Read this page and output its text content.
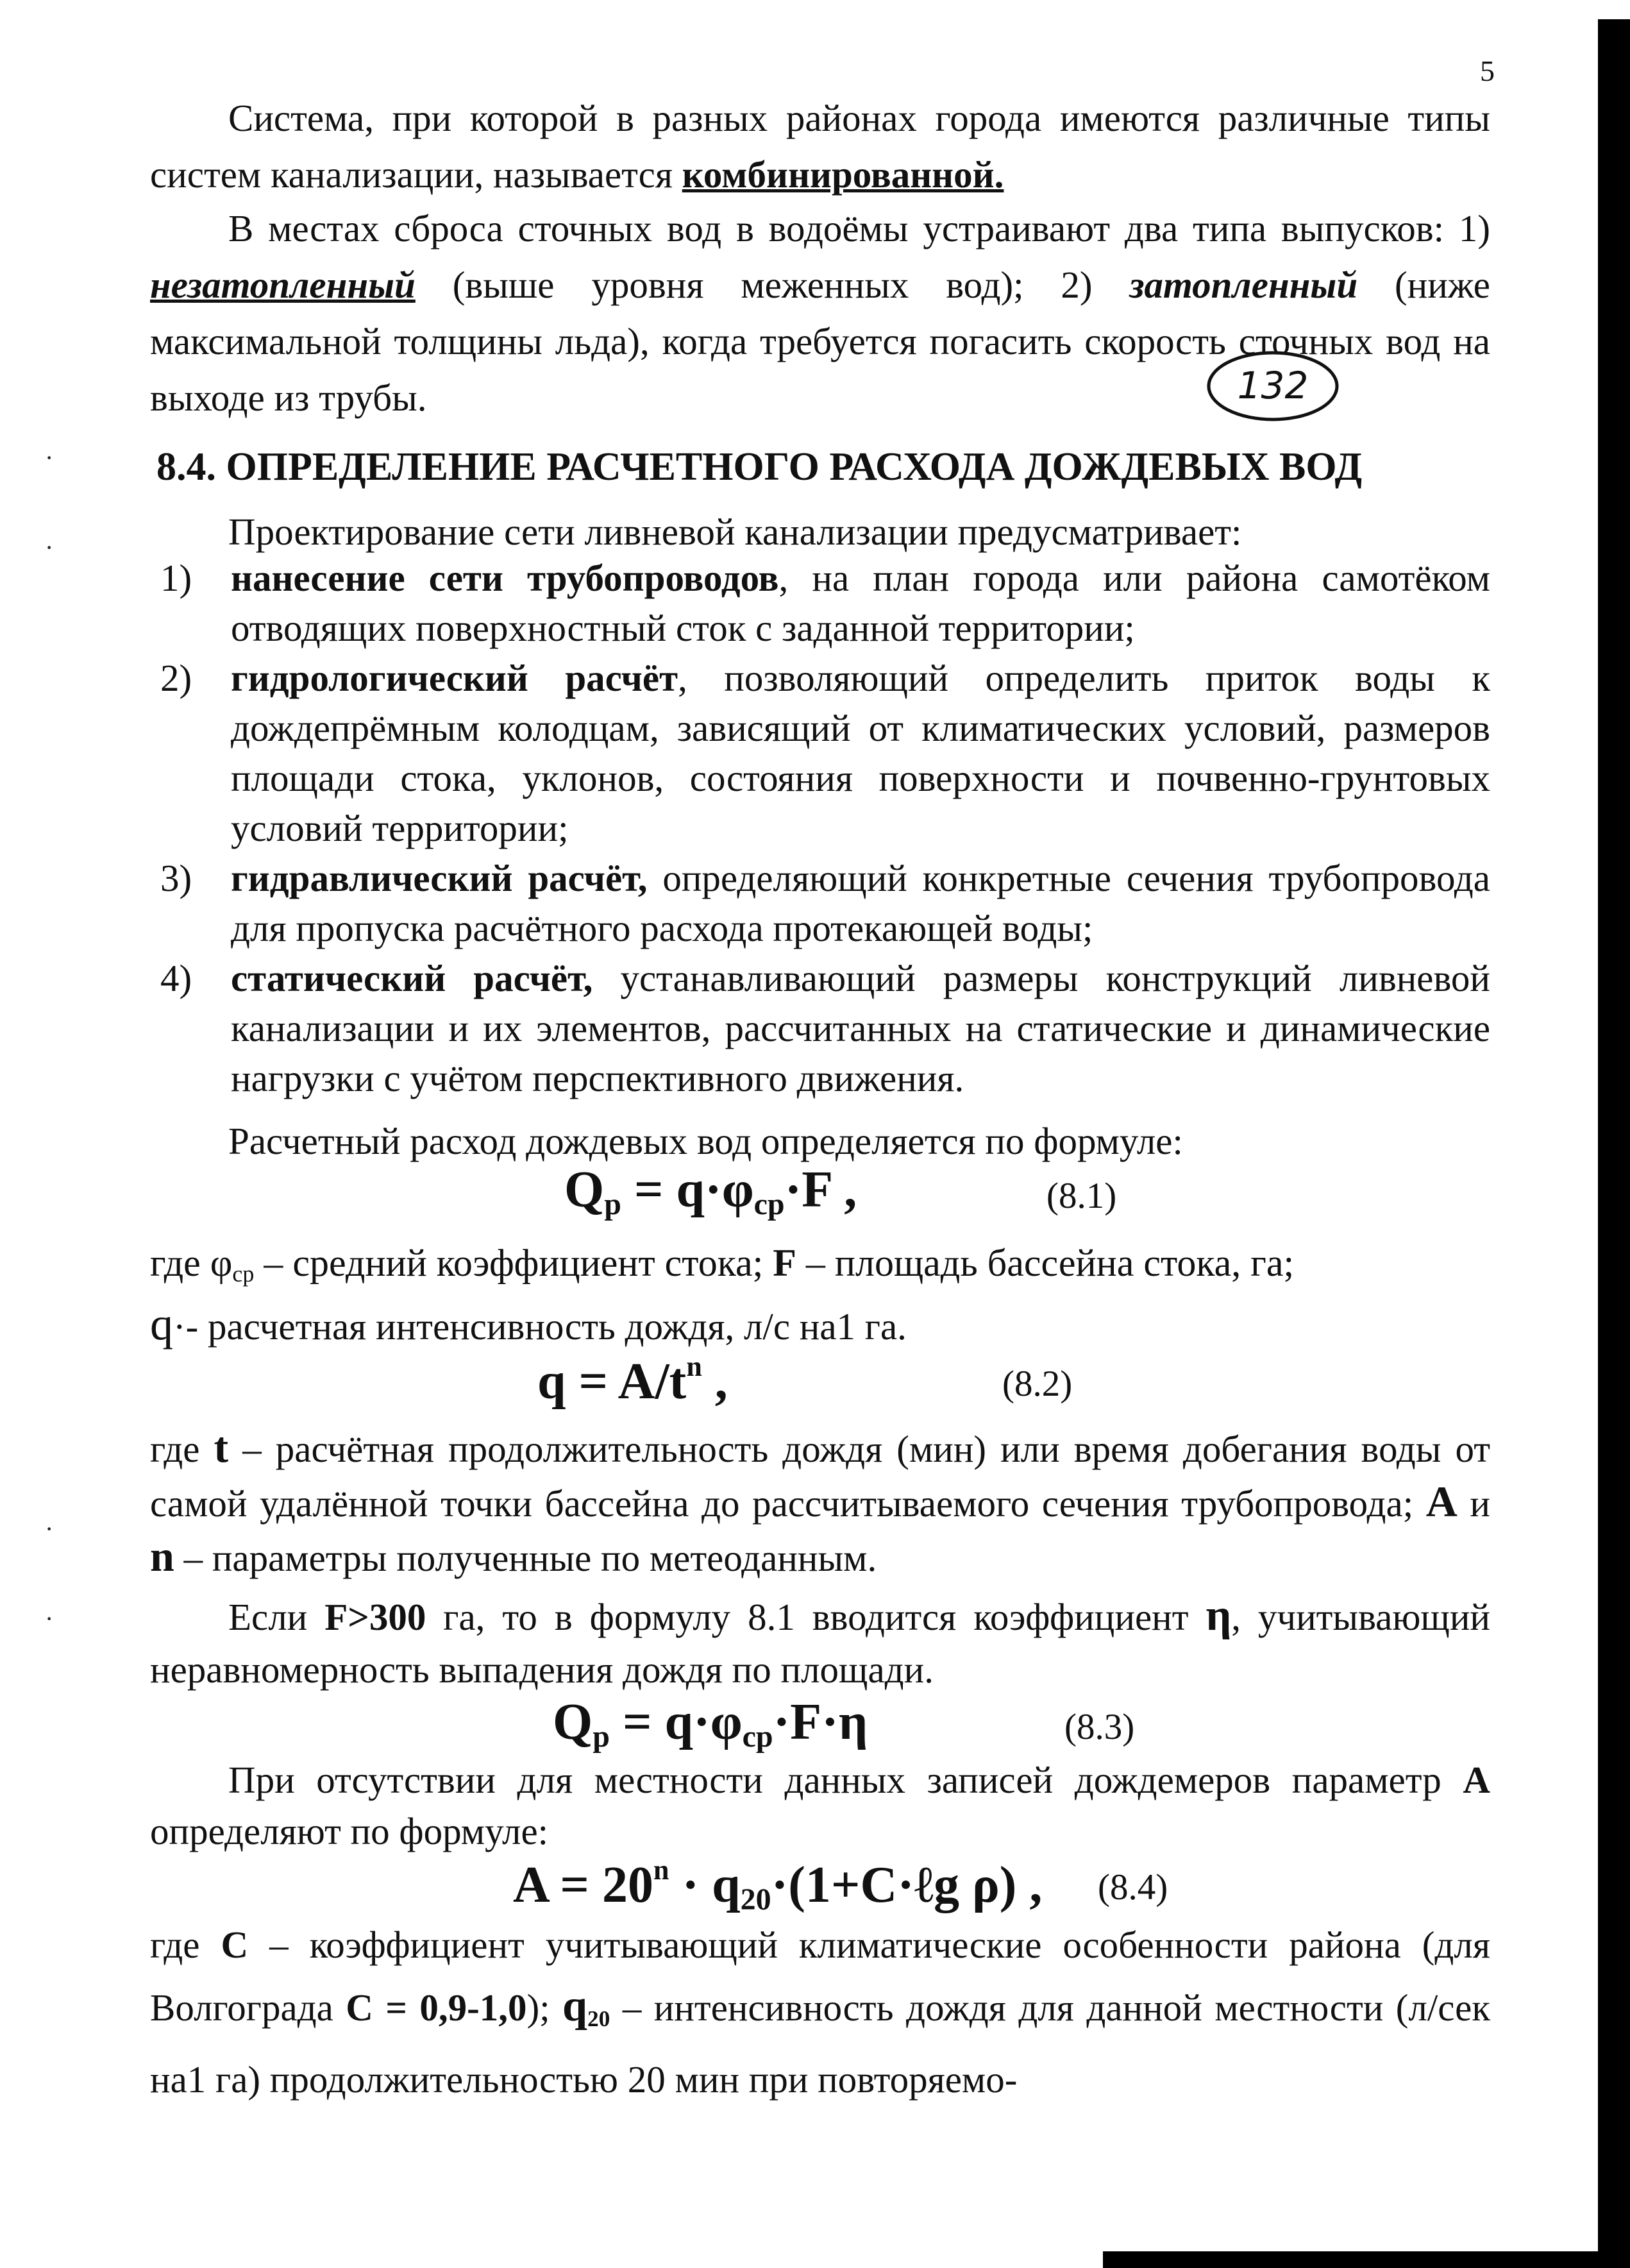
5

Система, при которой в разных районах города имеются различные типы систем канализации, называется комбинированной.

В местах сброса сточных вод в водоёмы устраивают два типа выпусков: 1) незатопленный (выше уровня меженных вод); 2) затопленный (ниже максимальной толщины льда), когда требуется погасить скорость сточных вод на выходе из трубы.	132
·
·
·
·
8.4. ОПРЕДЕЛЕНИЕ РАСЧЕТНОГО РАСХОДА ДОЖДЕВЫХ ВОД

Проектирование сети ливневой канализации предусматривает:

1) нанесение сети трубопроводов, на план города или района самотёком отводящих поверхностный сток с заданной территории;

2) гидрологический расчёт, позволяющий определить приток воды к дождепрёмным колодцам, зависящий от климатических условий, размеров площади стока, уклонов, состояния поверхности и почвенно-грунтовых условий территории;

3) гидравлический расчёт, определяющий конкретные сечения трубопровода для пропуска расчётного расхода протекающей воды;

4) статический расчёт, устанавливающий размеры конструкций ливневой канализации и их элементов, рассчитанных на статические и динамические нагрузки с учётом перспективного движения.

Расчетный расход дождевых вод определяется по формуле:

$Q_p = q\cdot\varphi_{cp}\cdot F$ ,	(8.1)

где $\varphi_{ср}$ – средний коэффициент стока; F – площадь бассейна стока, га;

q·- расчетная интенсивность дождя, л/с на1 га.

$q = A/t^n$ ,	(8.2)

где t – расчётная продолжительность дождя (мин) или время добегания воды от самой удалённой точки бассейна до рассчитываемого сечения трубопровода; A и n – параметры полученные по метеоданным.

Если F>300 га, то в формулу 8.1 вводится коэффициент η, учитывающий неравномерность выпадения дождя по площади.

$Q_p = q\cdot\varphi_{cp}\cdot F\cdot\eta$	(8.3)

При отсутствии для местности данных записей дождемеров параметр А определяют по формуле:

$A = 20^n$ · $q_{20}\cdot(1+C\cdot\ell g$ ρ) , (8.4)

где С – коэффициент учитывающий климатические особенности района (для Волгограда С = 0,9-1,0); $q_{20}$ – интенсивность дождя для данной местности (л/сек на1 га) продолжительностью 20 мин при повторяемо-
